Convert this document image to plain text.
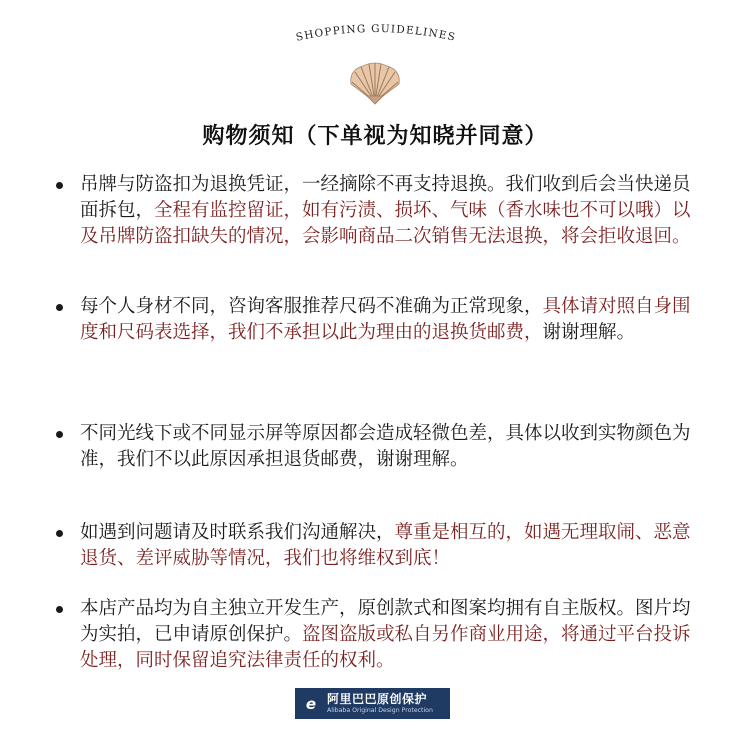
SHOPPING GUIDELINES
购物须知（下单视为知晓并同意）
吊牌与防盗扣为退换凭证，一经摘除不再支持退换。我们收到后会当快递员面拆包，全程有监控留证，如有污渍、损坏、气味（香水味也不可以哦）以及吊牌防盗扣缺失的情况，会影响商品二次销售无法退换，将会拒收退回。
每个人身材不同，咨询客服推荐尺码不准确为正常现象，具体请对照自身围度和尺码表选择，我们不承担以此为理由的退换货邮费，谢谢理解。
不同光线下或不同显示屏等原因都会造成轻微色差，具体以收到实物颜色为准，我们不以此原因承担退货邮费，谢谢理解。
如遇到问题请及时联系我们沟通解决，尊重是相互的，如遇无理取闹、恶意退货、差评威胁等情况，我们也将维权到底！
本店产品均为自主独立开发生产，原创款式和图案均拥有自主版权。图片均为实拍，已申请原创保护。盗图盗版或私自另作商业用途，将通过平台投诉处理，同时保留追究法律责任的权利。
e 阿里巴巴原创保护
Alibaba Original Design Protection
